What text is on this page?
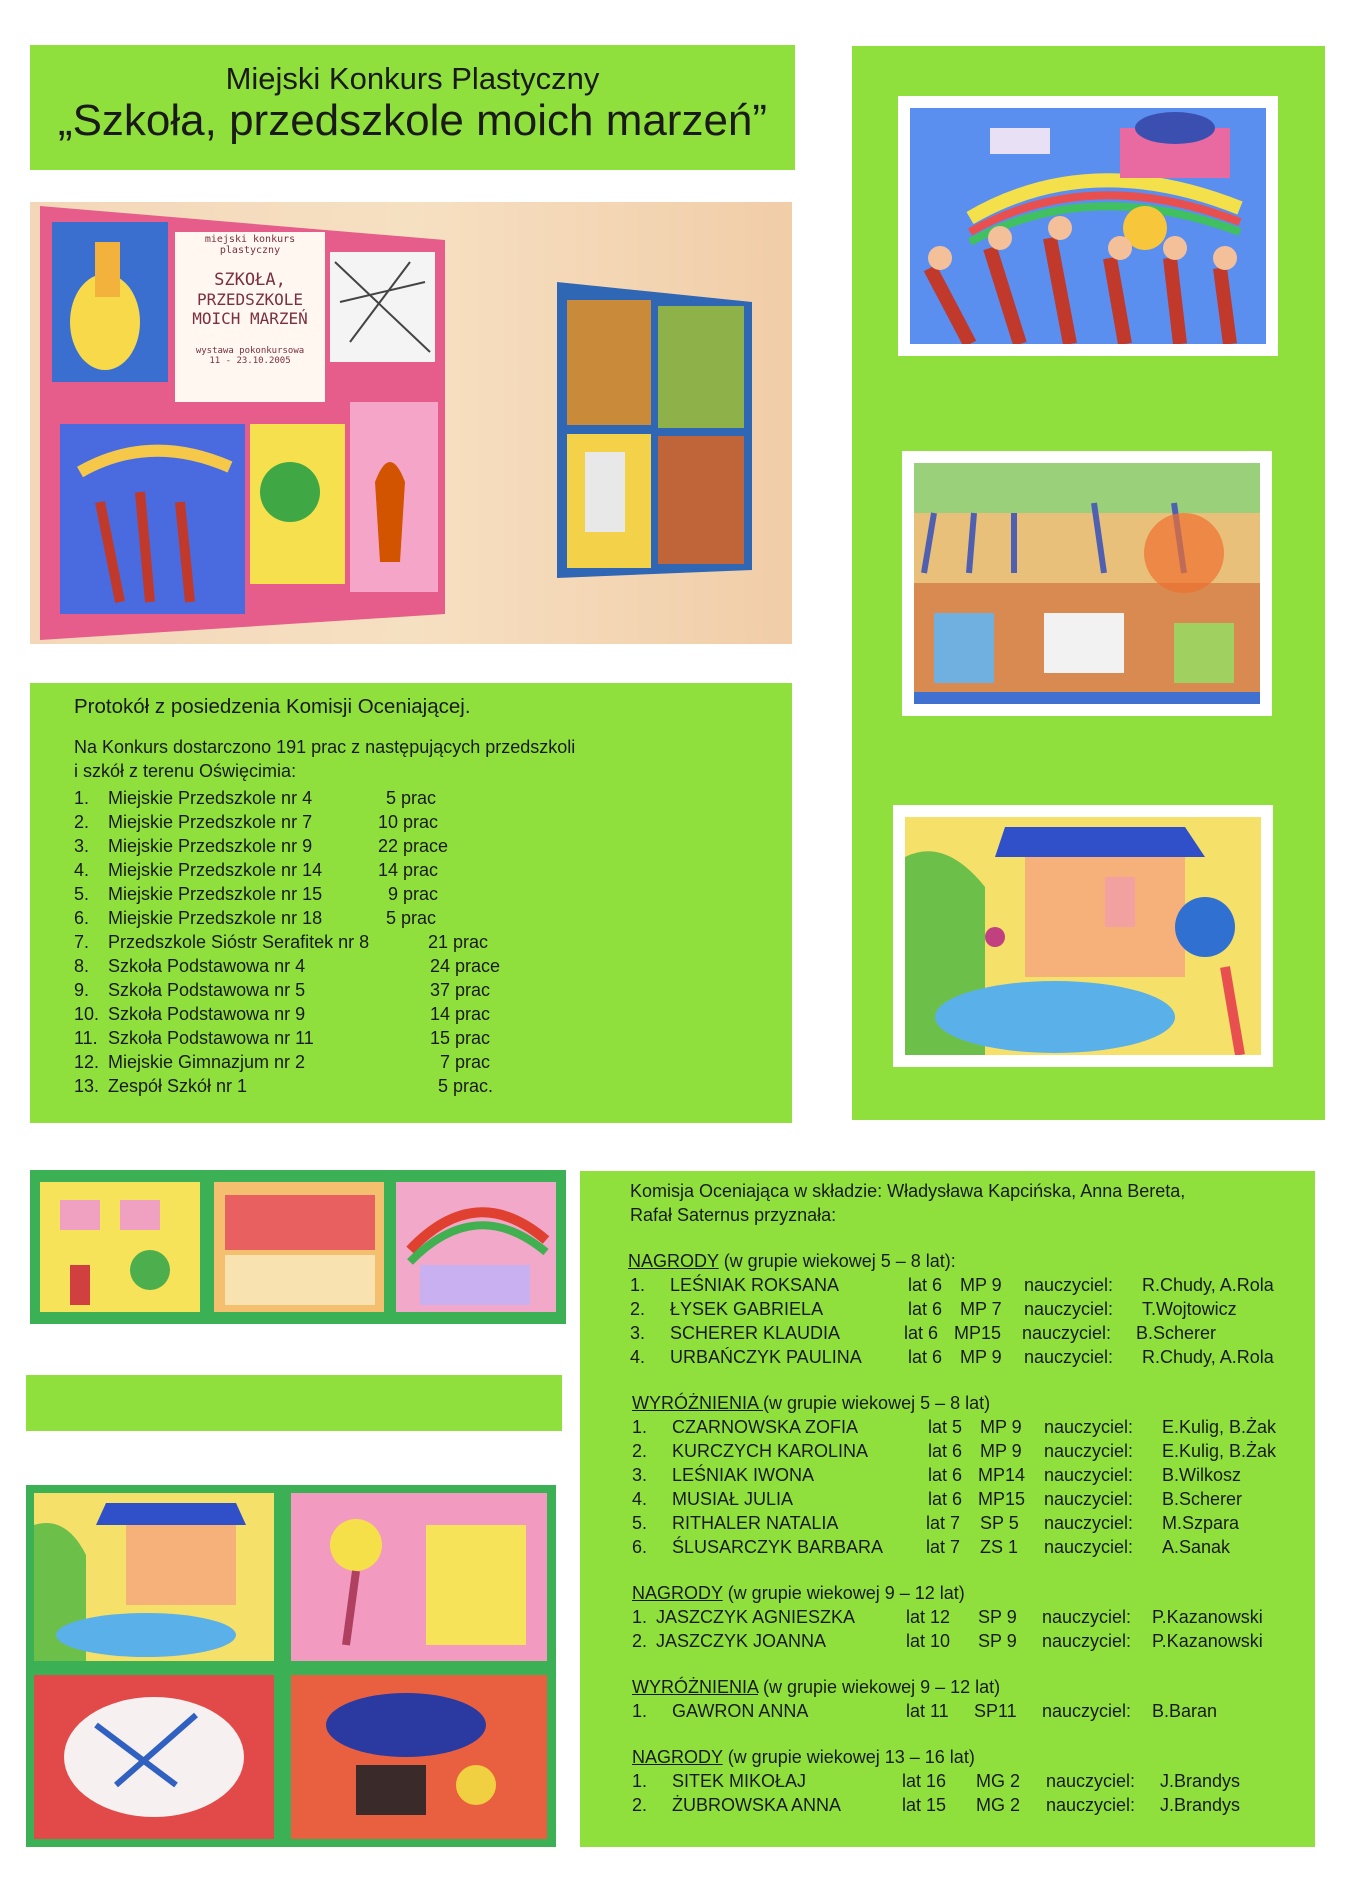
Miejski Konkurs Plastyczny
„Szkoła, przedszkole moich marzeń”
miejski konkurs plastyczny
SZKOŁA,
PRZEDSZKOLE
MOICH MARZEŃ
wystawa pokonkursowa
11 - 23.10.2005
Protokół z posiedzenia Komisji Oceniającej.
Na Konkurs dostarczono 191 prac z następujących przedszkoli
i szkół z terenu Oświęcimia:
1. Miejskie Przedszkole nr 4	5 prac
2. Miejskie Przedszkole nr 7	10 prac
3. Miejskie Przedszkole nr 9	22 prace
4. Miejskie Przedszkole nr 14	14 prac
5. Miejskie Przedszkole nr 15	9 prac
6. Miejskie Przedszkole nr 18	5 prac
7. Przedszkole Sióstr Serafitek nr 8	21 prac
8. Szkoła Podstawowa nr 4	24 prace
9. Szkoła Podstawowa nr 5	37 prac
10. Szkoła Podstawowa nr 9	14 prac
11. Szkoła Podstawowa nr 11	15 prac
12. Miejskie Gimnazjum nr 2	7 prac
13. Zespół Szkół nr 1	5 prac.
Komisja Oceniająca w składzie: Władysława Kapcińska, Anna Bereta,
Rafał Saternus przyznała:
NAGRODY (w grupie wiekowej 5 – 8 lat):
1. LEŚNIAK ROKSANA	lat 6 MP 9 nauczyciel: R.Chudy, A.Rola
2. ŁYSEK GABRIELA	lat 6 MP 7 nauczyciel: T.Wojtowicz
3. SCHERER KLAUDIA	lat 6 MP15 nauczyciel: B.Scherer
4. URBAŃCZYK PAULINA	lat 6 MP 9 nauczyciel: R.Chudy, A.Rola
WYRÓŻNIENIA (w grupie wiekowej 5 – 8 lat)
1. CZARNOWSKA ZOFIA	lat 5 MP 9 nauczyciel: E.Kulig, B.Żak
2. KURCZYCH KAROLINA	lat 6 MP 9 nauczyciel: E.Kulig, B.Żak
3. LEŚNIAK IWONA	lat 6 MP14 nauczyciel: B.Wilkosz
4. MUSIAŁ JULIA	lat 6 MP15 nauczyciel: B.Scherer
5. RITHALER NATALIA	lat 7 SP 5 nauczyciel: M.Szpara
6. ŚLUSARCZYK BARBARA lat 7 ZS 1 nauczyciel: A.Sanak
NAGRODY (w grupie wiekowej 9 – 12 lat)
1. JASZCZYK AGNIESZKA	lat 12 SP 9 nauczyciel: P.Kazanowski
2. JASZCZYK JOANNA	lat 10 SP 9 nauczyciel: P.Kazanowski
WYRÓŻNIENIA (w grupie wiekowej 9 – 12 lat)
1. GAWRON ANNA	lat 11 SP11 nauczyciel: B.Baran
NAGRODY (w grupie wiekowej 13 – 16 lat)
1. SITEK MIKOŁAJ	lat 16 MG 2 nauczyciel: J.Brandys
2. ŻUBROWSKA ANNA	lat 15 MG 2 nauczyciel: J.Brandys
